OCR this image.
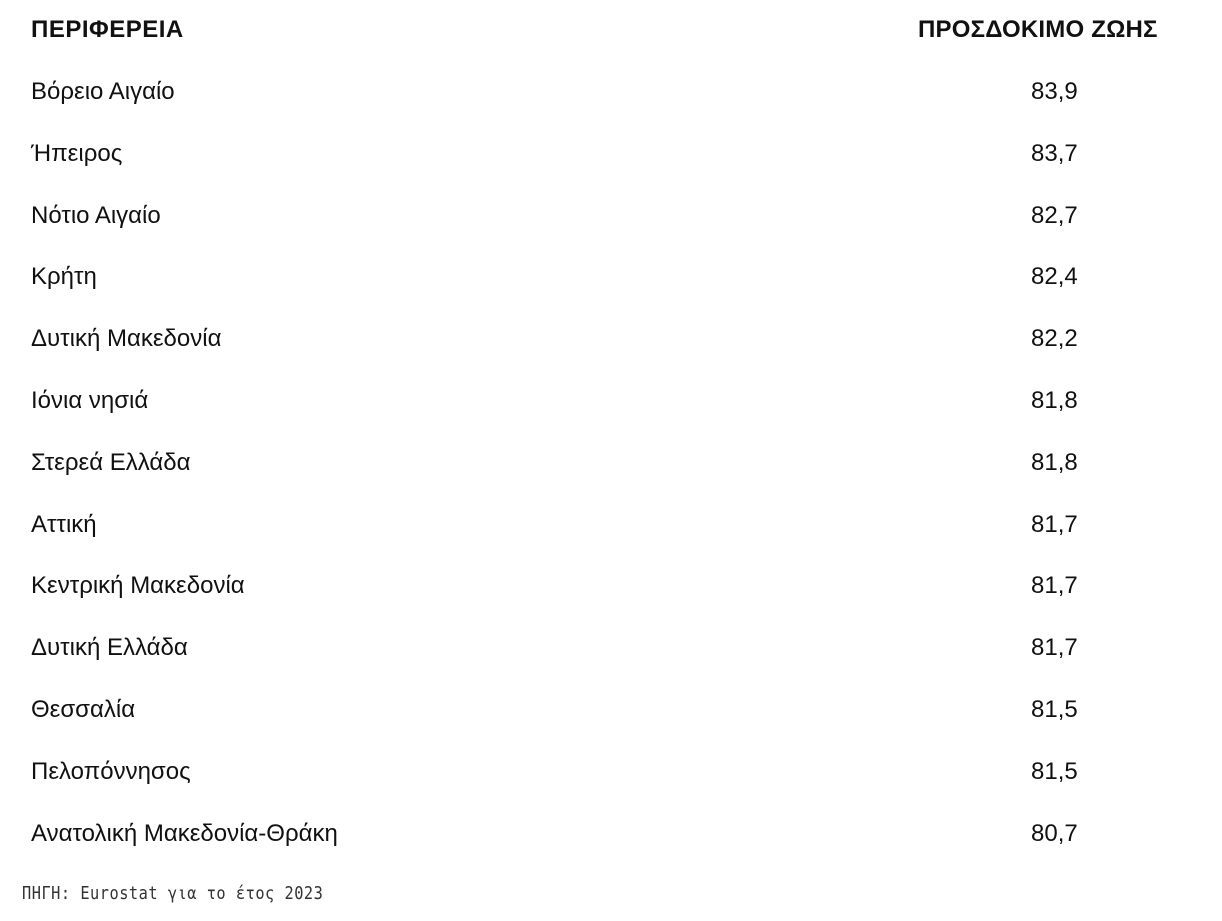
ΠΕΡΙΦΕΡΕΙΑ	ΠΡΟΣΔΟΚΙΜΟ ΖΩΗΣ
Βόρειο Αιγαίο	83,9
Ήπειρος	83,7
Νότιο Αιγαίο	82,7
Κρήτη	82,4
Δυτική Μακεδονία	82,2
Ιόνια νησιά	81,8
Στερεά Ελλάδα	81,8
Αττική	81,7
Κεντρική Μακεδονία	81,7
Δυτική Ελλάδα	81,7
Θεσσαλία	81,5
Πελοπόννησος	81,5
Ανατολική Μακεδονία-Θράκη	80,7
ΠΗΓΗ: Eurostat για το έτος 2023
